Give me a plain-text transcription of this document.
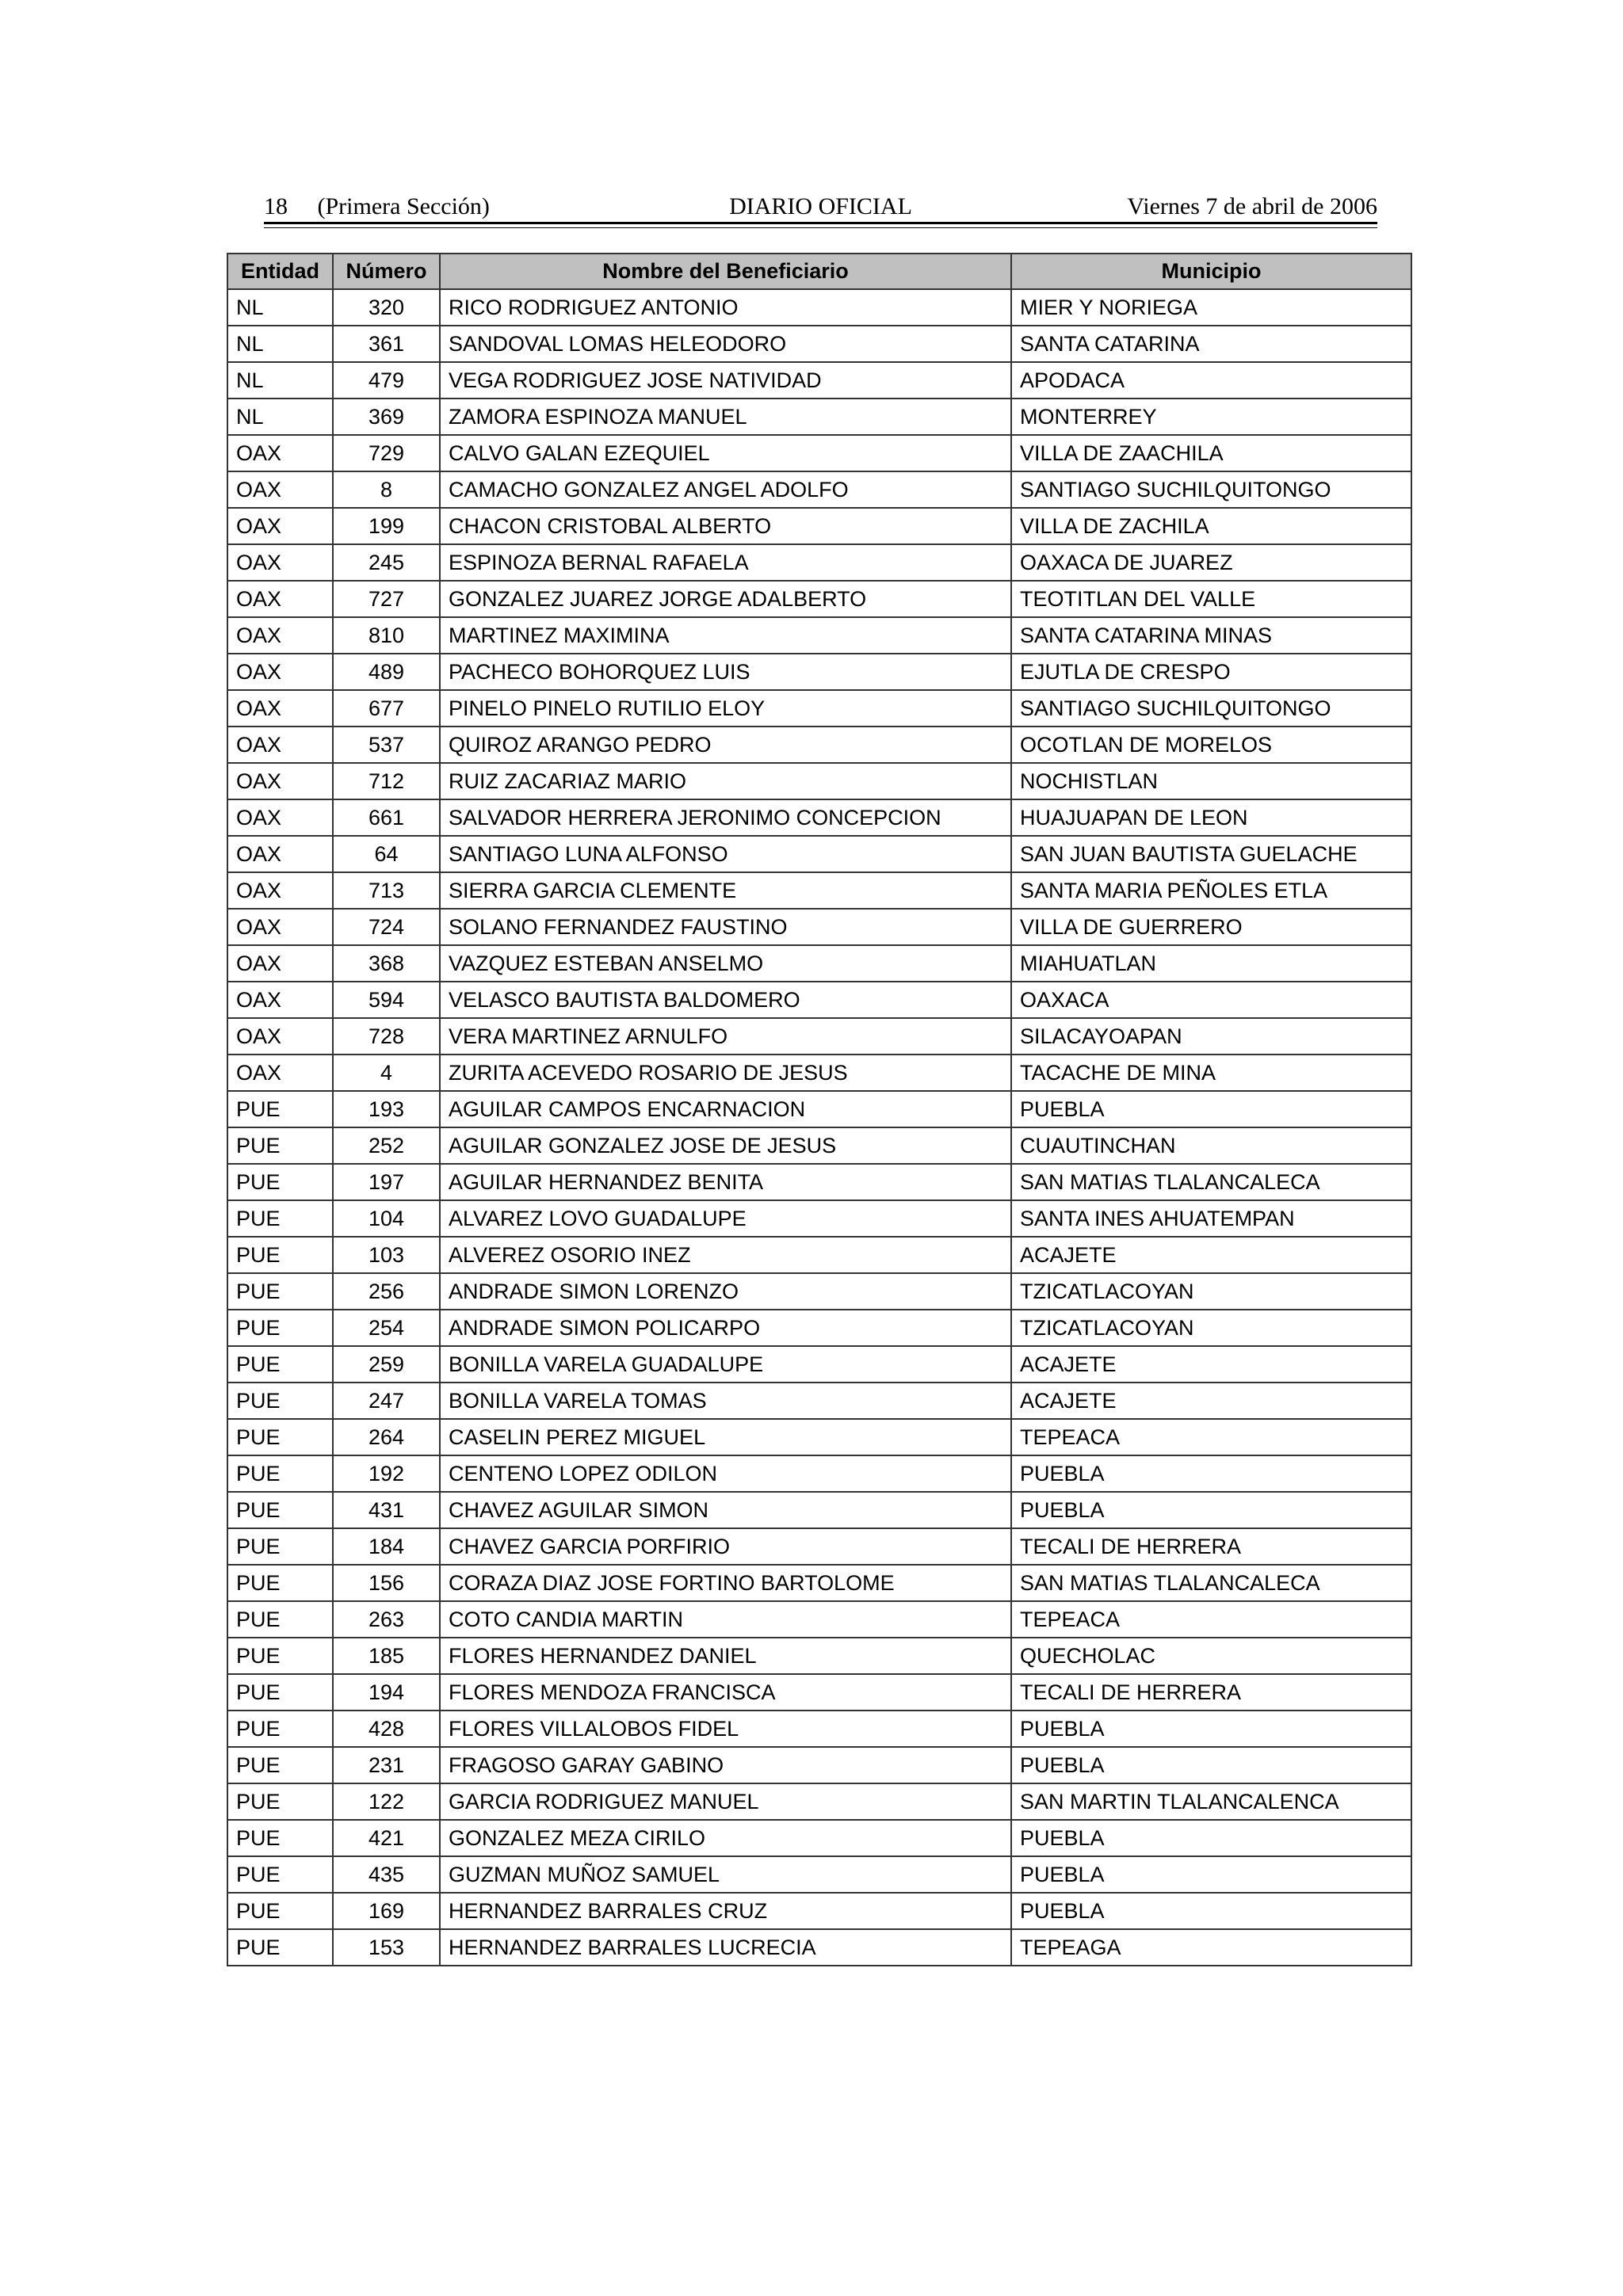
18 (Primera Sección)	DIARIO OFICIAL	Viernes 7 de abril de 2006
Entidad	Número	Nombre del Beneficiario	Municipio
NL	320	RICO RODRIGUEZ ANTONIO	MIER Y NORIEGA
NL	361	SANDOVAL LOMAS HELEODORO	SANTA CATARINA
NL	479	VEGA RODRIGUEZ JOSE NATIVIDAD	APODACA
NL	369	ZAMORA ESPINOZA MANUEL	MONTERREY
OAX	729	CALVO GALAN EZEQUIEL	VILLA DE ZAACHILA
OAX	8	CAMACHO GONZALEZ ANGEL ADOLFO	SANTIAGO SUCHILQUITONGO
OAX	199	CHACON CRISTOBAL ALBERTO	VILLA DE ZACHILA
OAX	245	ESPINOZA BERNAL RAFAELA	OAXACA DE JUAREZ
OAX	727	GONZALEZ JUAREZ JORGE ADALBERTO	TEOTITLAN DEL VALLE
OAX	810	MARTINEZ MAXIMINA	SANTA CATARINA MINAS
OAX	489	PACHECO BOHORQUEZ LUIS	EJUTLA DE CRESPO
OAX	677	PINELO PINELO RUTILIO ELOY	SANTIAGO SUCHILQUITONGO
OAX	537	QUIROZ ARANGO PEDRO	OCOTLAN DE MORELOS
OAX	712	RUIZ ZACARIAZ MARIO	NOCHISTLAN
OAX	661	SALVADOR HERRERA JERONIMO CONCEPCION	HUAJUAPAN DE LEON
OAX	64	SANTIAGO LUNA ALFONSO	SAN JUAN BAUTISTA GUELACHE
OAX	713	SIERRA GARCIA CLEMENTE	SANTA MARIA PEÑOLES ETLA
OAX	724	SOLANO FERNANDEZ FAUSTINO	VILLA DE GUERRERO
OAX	368	VAZQUEZ ESTEBAN ANSELMO	MIAHUATLAN
OAX	594	VELASCO BAUTISTA BALDOMERO	OAXACA
OAX	728	VERA MARTINEZ ARNULFO	SILACAYOAPAN
OAX	4	ZURITA ACEVEDO ROSARIO DE JESUS	TACACHE DE MINA
PUE	193	AGUILAR CAMPOS ENCARNACION	PUEBLA
PUE	252	AGUILAR GONZALEZ JOSE DE JESUS	CUAUTINCHAN
PUE	197	AGUILAR HERNANDEZ BENITA	SAN MATIAS TLALANCALECA
PUE	104	ALVAREZ LOVO GUADALUPE	SANTA INES AHUATEMPAN
PUE	103	ALVEREZ OSORIO INEZ	ACAJETE
PUE	256	ANDRADE SIMON LORENZO	TZICATLACOYAN
PUE	254	ANDRADE SIMON POLICARPO	TZICATLACOYAN
PUE	259	BONILLA VARELA GUADALUPE	ACAJETE
PUE	247	BONILLA VARELA TOMAS	ACAJETE
PUE	264	CASELIN PEREZ MIGUEL	TEPEACA
PUE	192	CENTENO LOPEZ ODILON	PUEBLA
PUE	431	CHAVEZ AGUILAR SIMON	PUEBLA
PUE	184	CHAVEZ GARCIA PORFIRIO	TECALI DE HERRERA
PUE	156	CORAZA DIAZ JOSE FORTINO BARTOLOME	SAN MATIAS TLALANCALECA
PUE	263	COTO CANDIA MARTIN	TEPEACA
PUE	185	FLORES HERNANDEZ DANIEL	QUECHOLAC
PUE	194	FLORES MENDOZA FRANCISCA	TECALI DE HERRERA
PUE	428	FLORES VILLALOBOS FIDEL	PUEBLA
PUE	231	FRAGOSO GARAY GABINO	PUEBLA
PUE	122	GARCIA RODRIGUEZ MANUEL	SAN MARTIN TLALANCALENCA
PUE	421	GONZALEZ MEZA CIRILO	PUEBLA
PUE	435	GUZMAN MUÑOZ SAMUEL	PUEBLA
PUE	169	HERNANDEZ BARRALES CRUZ	PUEBLA
PUE	153	HERNANDEZ BARRALES LUCRECIA	TEPEAGA
